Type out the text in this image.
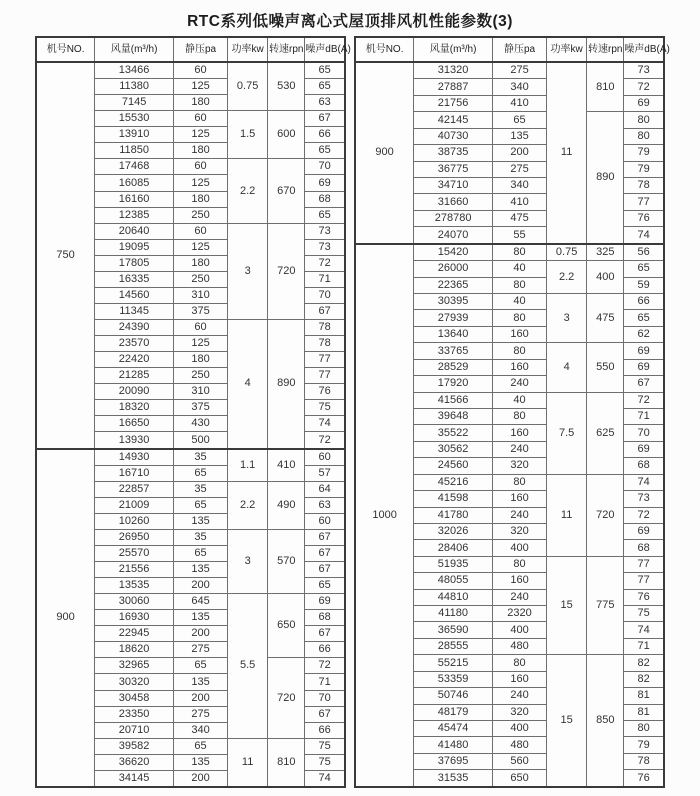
RTC系列低噪声离心式屋顶排风机性能参数(3)
机号NO.	风量(m³/h)	静压pa	功率kw	转速rpn	噪声dB(A)
750	13466	60	0.75	530	65
	11380	125			65
	7145	180			63
	15530	60	1.5	600	67
	13910	125			66
	11850	180			65
	17468	60	2.2	670	70
	16085	125			69
	16160	180			68
	12385	250			65
	20640	60	3	720	73
	19095	125			73
	17805	180			72
	16335	250			71
	14560	310			70
	11345	375			67
	24390	60	4	890	78
	23570	125			78
	22420	180			77
	21285	250			77
	20090	310			76
	18320	375			75
	16650	430			74
	13930	500			72
900	14930	35	1.1	410	60
	16710	65			57
	22857	35	2.2	490	64
	21009	65			63
	10260	135			60
	26950	35	3	570	67
	25570	65			67
	21556	135			67
	13535	200			65
	30060	645	5.5	650	69
	16930	135			68
	22945	200			67
	18620	275			66
	32965	65		720	72
	30320	135			71
	30458	200			70
	23350	275			67
	20710	340			66
	39582	65	11	810	75
	36620	135			75
	34145	200			74
机号NO.	风量(m³/h)	静压pa	功率kw	转速rpn	噪声dB(A)
900	31320	275	11	810	73
	27887	340			72
	21756	410			69
	42145	65		890	80
	40730	135			80
	38735	200			79
	36775	275			79
	34710	340			78
	31660	410			77
	278780	475			76
	24070	55			74
1000	15420	80	0.75	325	56
	26000	40	2.2	400	65
	22365	80			59
	30395	40	3	475	66
	27939	80			65
	13640	160			62
	33765	80	4	550	69
	28529	160			69
	17920	240			67
	41566	40	7.5	625	72
	39648	80			71
	35522	160			70
	30562	240			69
	24560	320			68
	45216	80	11	720	74
	41598	160			73
	41780	240			72
	32026	320			69
	28406	400			68
	51935	80	15	775	77
	48055	160			77
	44810	240			76
	41180	2320			75
	36590	400			74
	28555	480			71
	55215	80	15	850	82
	53359	160			82
	50746	240			81
	48179	320			81
	45474	400			80
	41480	480			79
	37695	560			78
	31535	650			76
